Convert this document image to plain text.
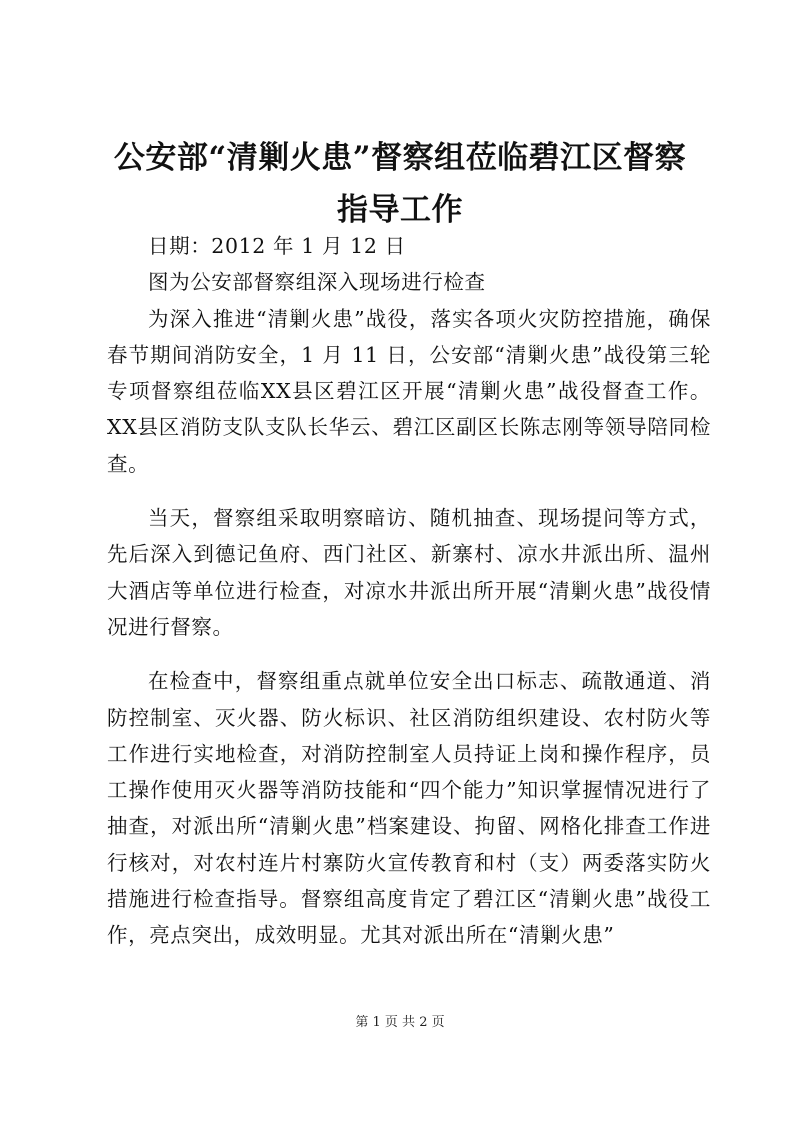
公安部“清剿火患”督察组莅临碧江区督察指导工作

日期：2012 年 1 月 12 日

图为公安部督察组深入现场进行检查

为深入推进“清剿火患”战役，落实各项火灾防控措施，确保春节期间消防安全，1 月 11 日，公安部“清剿火患”战役第三轮专项督察组莅临XX县区碧江区开展“清剿火患”战役督查工作。XX县区消防支队支队长华云、碧江区副区长陈志刚等领导陪同检查。

当天，督察组采取明察暗访、随机抽查、现场提问等方式，先后深入到德记鱼府、西门社区、新寨村、凉水井派出所、温州大酒店等单位进行检查，对凉水井派出所开展“清剿火患”战役情况进行督察。

在检查中，督察组重点就单位安全出口标志、疏散通道、消防控制室、灭火器、防火标识、社区消防组织建设、农村防火等工作进行实地检查，对消防控制室人员持证上岗和操作程序，员工操作使用灭火器等消防技能和“四个能力”知识掌握情况进行了抽查，对派出所“清剿火患”档案建设、拘留、网格化排查工作进行核对，对农村连片村寨防火宣传教育和村（支）两委落实防火措施进行检查指导。督察组高度肯定了碧江区“清剿火患”战役工作，亮点突出，成效明显。尤其对派出所在“清剿火患”

第 1 页 共 2 页
